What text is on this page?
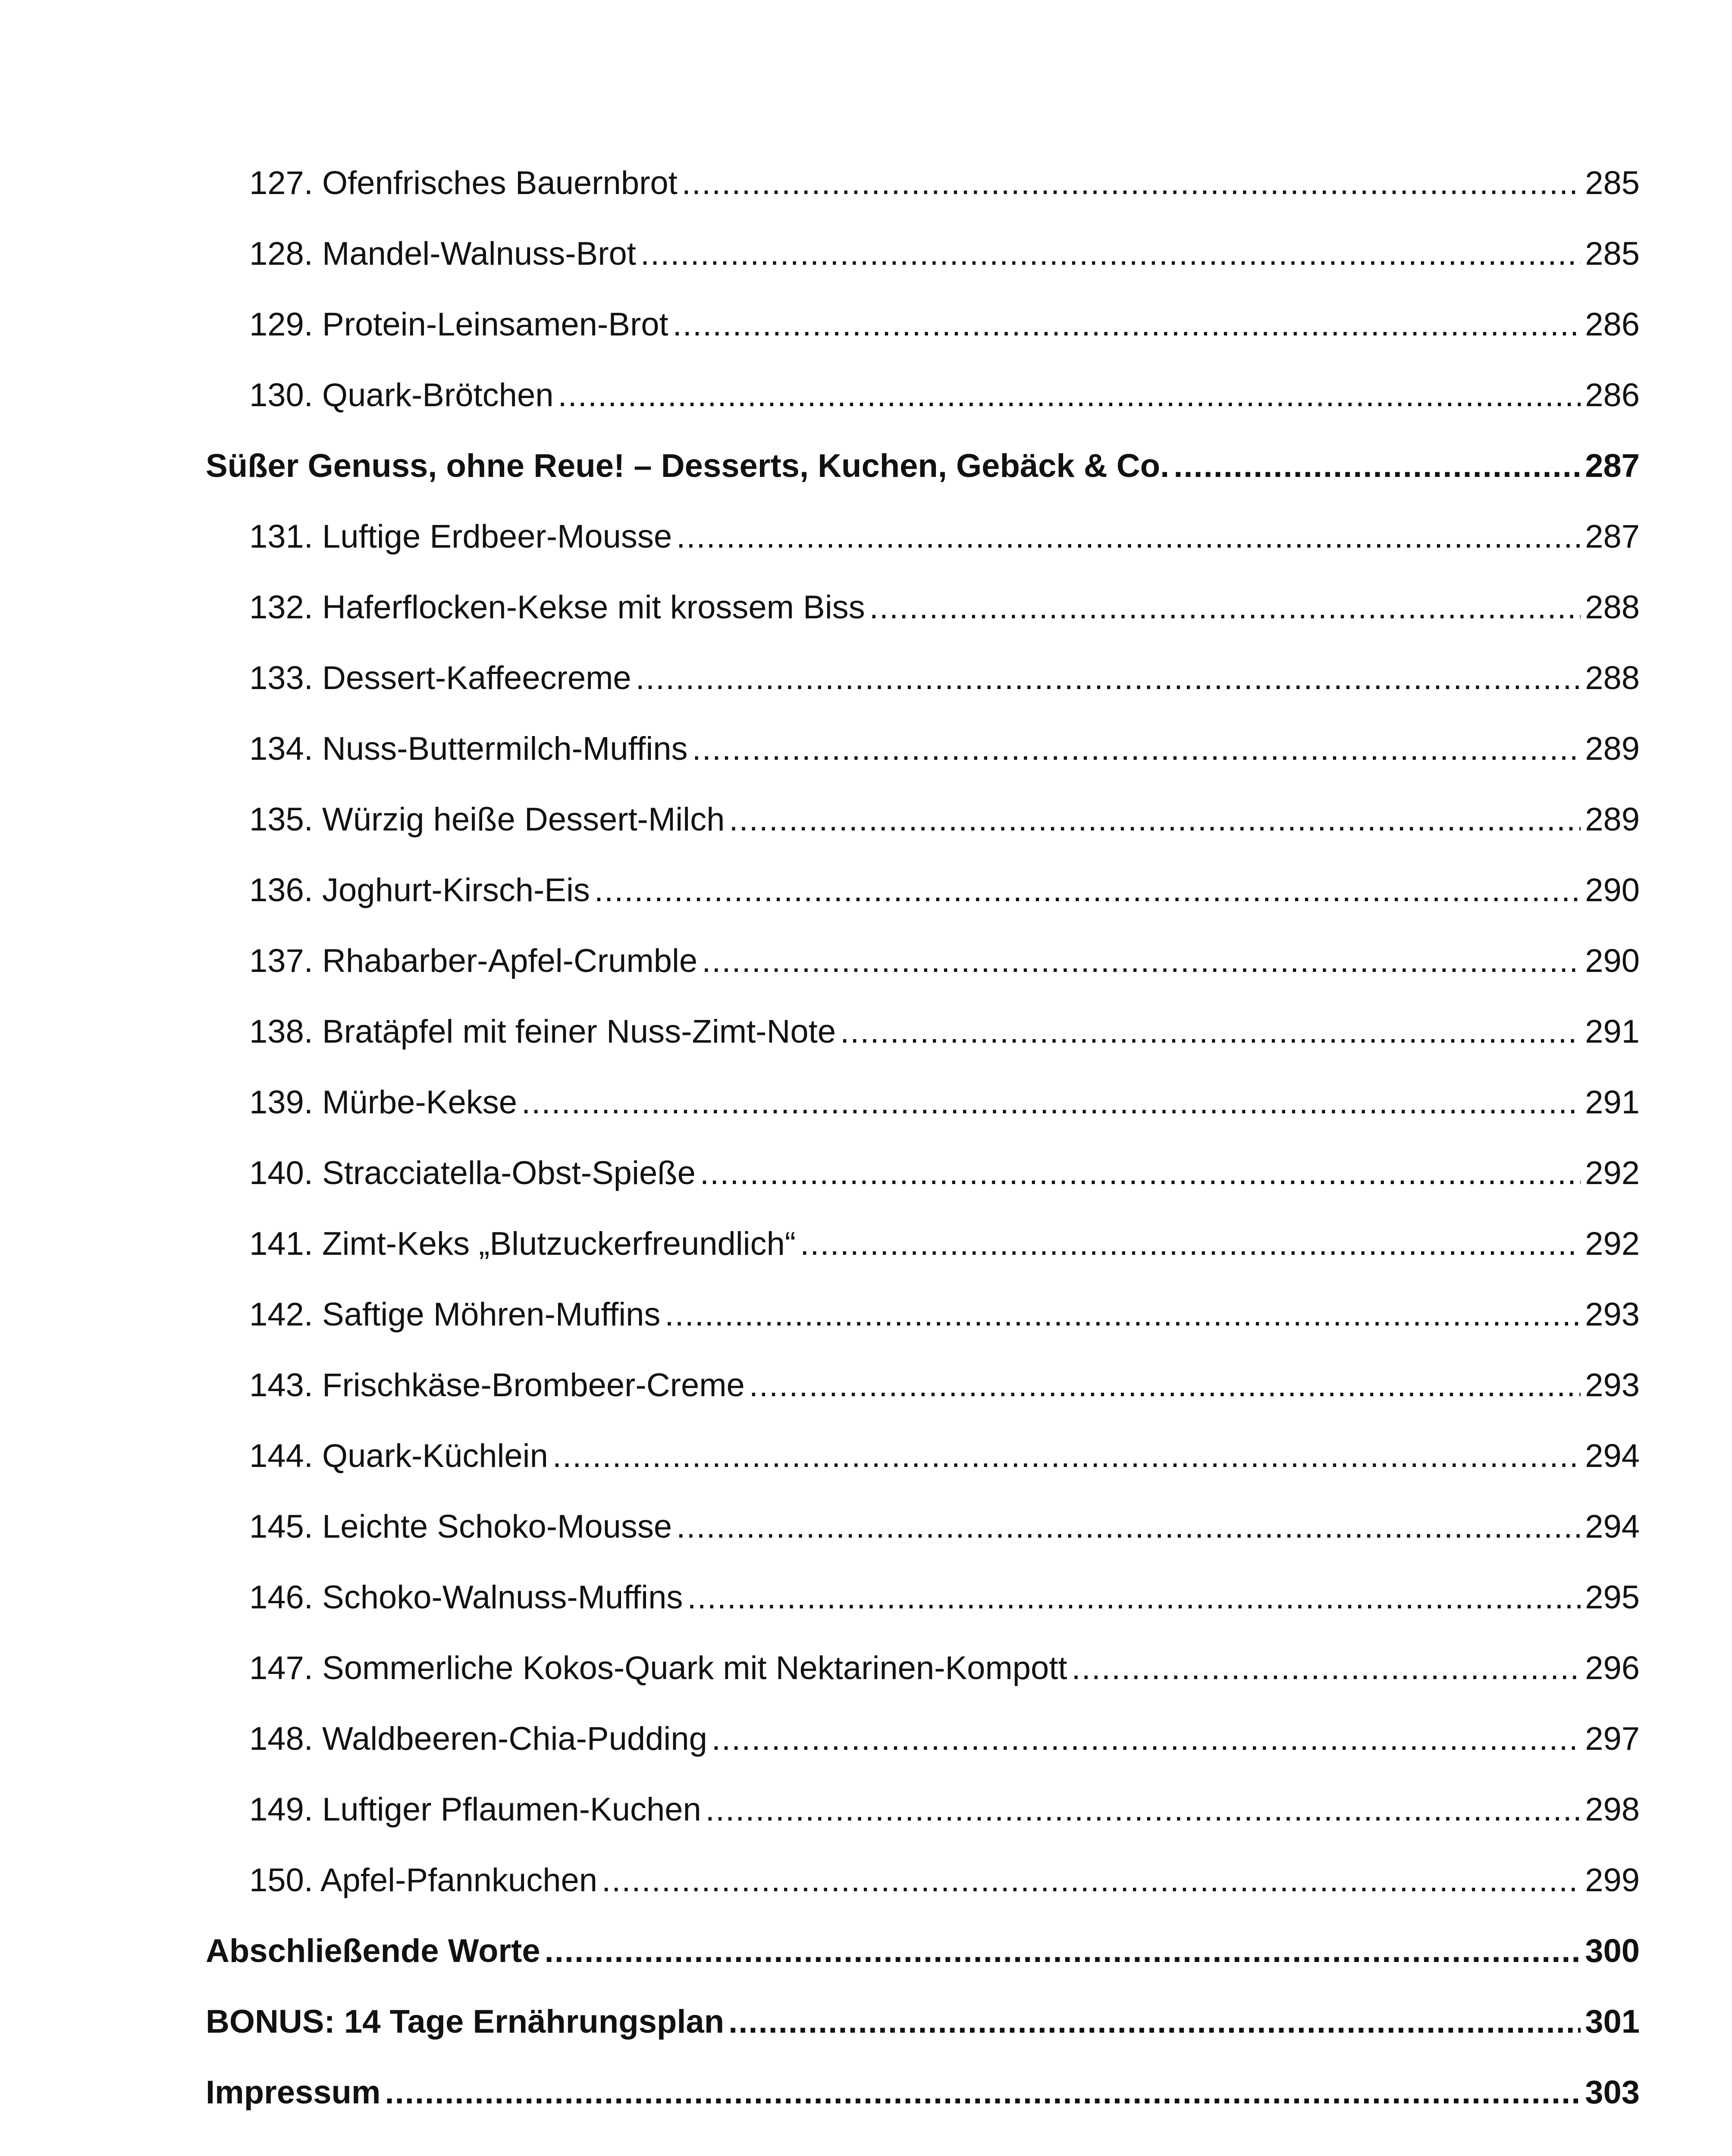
127. Ofenfrisches Bauernbrot .....	285
128. Mandel-Walnuss-Brot .....	285
129. Protein-Leinsamen-Brot .....	286
130. Quark-Brötchen .....	286
Süßer Genuss, ohne Reue! – Desserts, Kuchen, Gebäck & Co. .....	287
131. Luftige Erdbeer-Mousse .....	287
132. Haferflocken-Kekse mit krossem Biss .....	288
133. Dessert-Kaffeecreme .....	288
134. Nuss-Buttermilch-Muffins .....	289
135. Würzig heiße Dessert-Milch .....	289
136. Joghurt-Kirsch-Eis .....	290
137. Rhabarber-Apfel-Crumble .....	290
138. Bratäpfel mit feiner Nuss-Zimt-Note .....	291
139. Mürbe-Kekse .....	291
140. Stracciatella-Obst-Spieße .....	292
141. Zimt-Keks „Blutzuckerfreundlich“ .....	292
142. Saftige Möhren-Muffins .....	293
143. Frischkäse-Brombeer-Creme .....	293
144. Quark-Küchlein .....	294
145. Leichte Schoko-Mousse .....	294
146. Schoko-Walnuss-Muffins .....	295
147. Sommerliche Kokos-Quark mit Nektarinen-Kompott .....	296
148. Waldbeeren-Chia-Pudding .....	297
149. Luftiger Pflaumen-Kuchen .....	298
150. Apfel-Pfannkuchen .....	299
Abschließende Worte .....	300
BONUS: 14 Tage Ernährungsplan .....	301
Impressum .....	303
